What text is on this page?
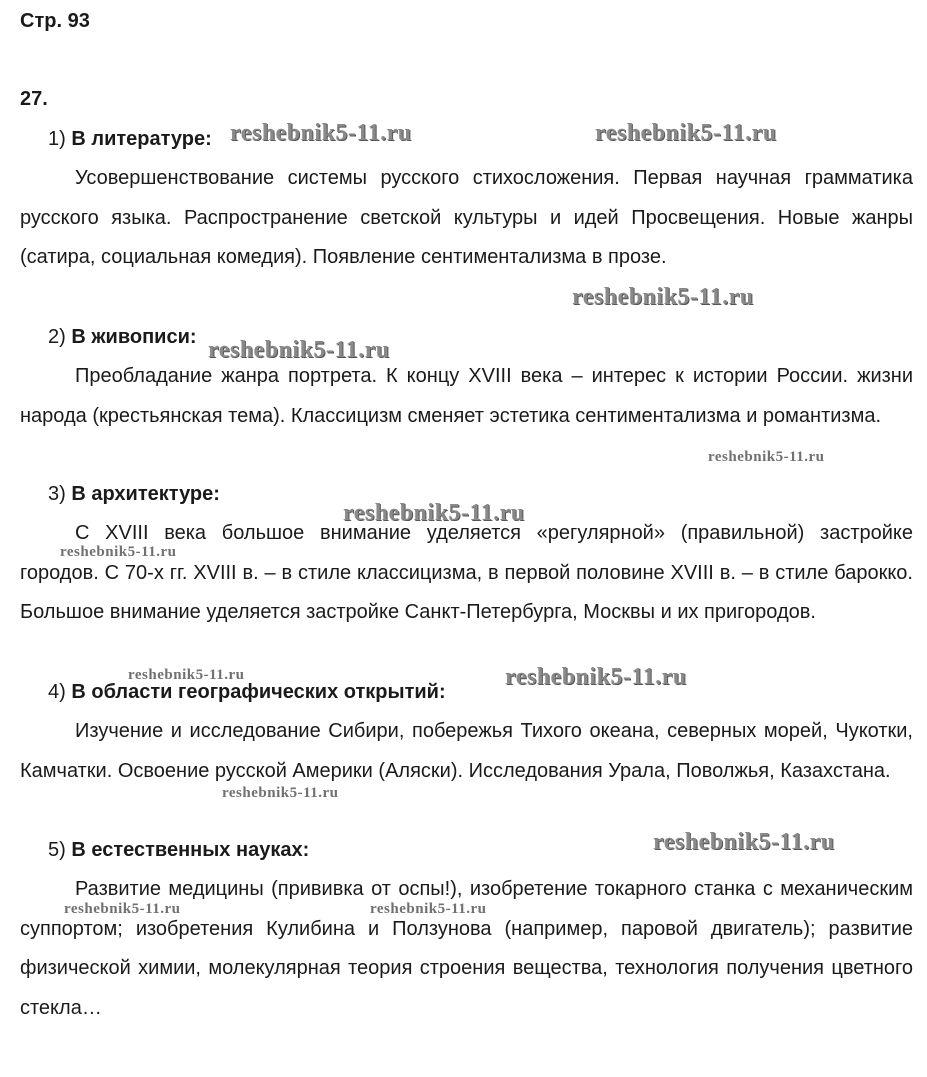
Стр. 93
27.
1) В литературе:

Усовершенствование системы русского стихосложения. Первая научная грамматика русского языка. Распространение светской культуры и идей Просвещения. Новые жанры (сатира, социальная комедия). Появление сентиментализма в прозе.

2) В живописи:

Преобладание жанра портрета. К концу XVIII века – интерес к истории России. жизни народа (крестьянская тема). Классицизм сменяет эстетика сентиментализма и романтизма.

3) В архитектуре:

С XVIII века большое внимание уделяется «регулярной» (правильной) застройке городов. С 70-х гг. XVIII в. – в стиле классицизма, в первой половине XVIII в. – в стиле барокко. Большое внимание уделяется застройке Санкт-Петербурга, Москвы и их пригородов.

4) В области географических открытий:

Изучение и исследование Сибири, побережья Тихого океана, северных морей, Чукотки, Камчатки. Освоение русской Америки (Аляски). Исследования Урала, Поволжья, Казахстана.

5) В естественных науках:

Развитие медицины (прививка от оспы!), изобретение токарного станка с механическим суппортом; изобретения Кулибина и Ползунова (например, паровой двигатель); развитие физической химии, молекулярная теория строения вещества, технология получения цветного стекла…

reshebnik5-11.ru	reshebnik5-11.ru
reshebnik5-11.ru
reshebnik5-11.ru
reshebnik5-11.ru
reshebnik5-11.ru
reshebnik5-11.ru
reshebnik5-11.ru	reshebnik5-11.ru
reshebnik5-11.ru
reshebnik5-11.ru
reshebnik5-11.ru	reshebnik5-11.ru
